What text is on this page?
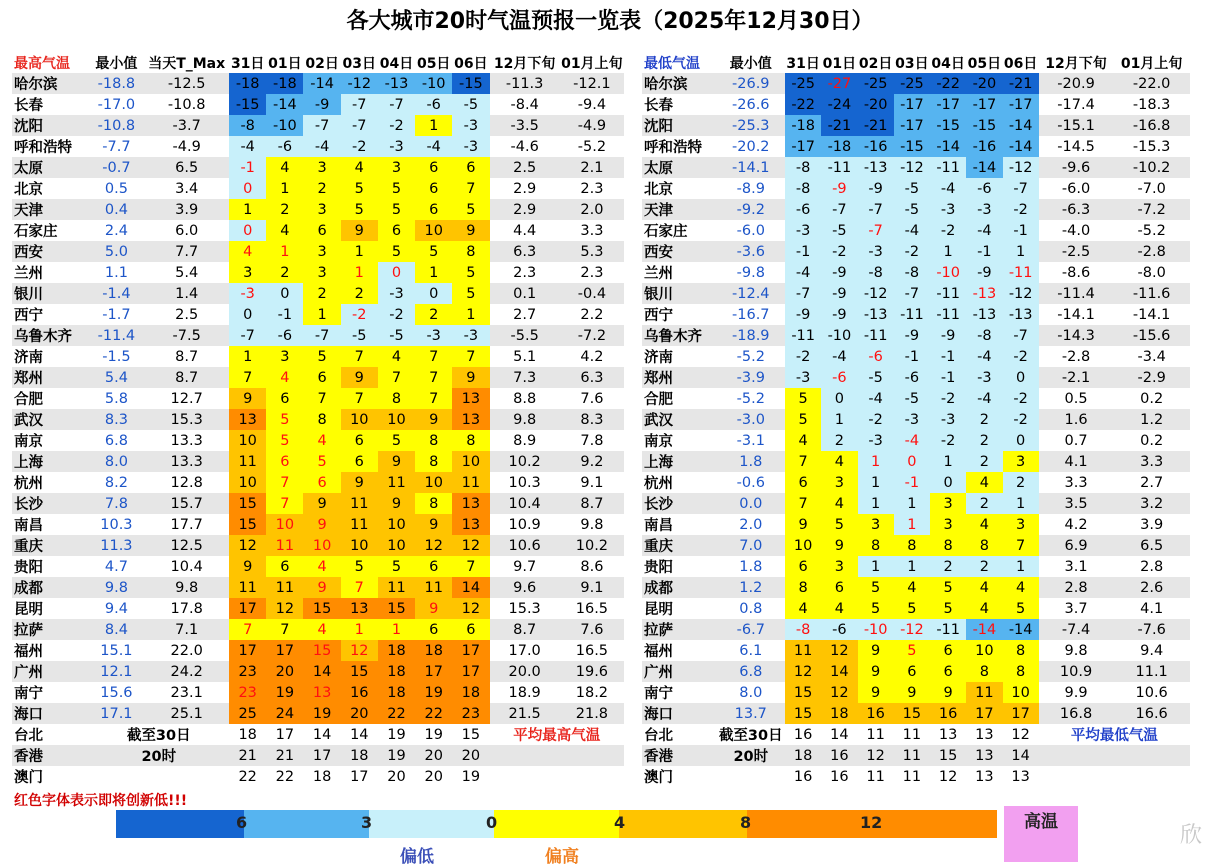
各大城市20时气温预报一览表（2025年12月30日）
最高气温	最小值	当天T_Max	31日	01日	02日	03日	04日	05日	06日	12月下旬	01月上旬
哈尔滨	-18.8	-12.5	-18	-18	-14	-12	-13	-10	-15	-11.3	-12.1
长春	-17.0	-10.8	-15	-14	-9	-7	-7	-6	-5	-8.4	-9.4
沈阳	-10.8	-3.7	-8	-10	-7	-7	-2	1	-3	-3.5	-4.9
呼和浩特	-7.7	-4.9	-4	-6	-4	-2	-3	-4	-3	-4.6	-5.2
太原	-0.7	6.5	-1	4	3	4	3	6	6	2.5	2.1
北京	0.5	3.4	0	1	2	5	5	6	7	2.9	2.3
天津	0.4	3.9	1	2	3	5	5	6	5	2.9	2.0
石家庄	2.4	6.0	0	4	6	9	6	10	9	4.4	3.3
西安	5.0	7.7	4	1	3	1	5	5	8	6.3	5.3
兰州	1.1	5.4	3	2	3	1	0	1	5	2.3	2.3
银川	-1.4	1.4	-3	0	2	2	-3	0	5	0.1	-0.4
西宁	-1.7	2.5	0	-1	1	-2	-2	2	1	2.7	2.2
乌鲁木齐	-11.4	-7.5	-7	-6	-7	-5	-5	-3	-3	-5.5	-7.2
济南	-1.5	8.7	1	3	5	7	4	7	7	5.1	4.2
郑州	5.4	8.7	7	4	6	9	7	7	9	7.3	6.3
合肥	5.8	12.7	9	6	7	7	8	7	13	8.8	7.6
武汉	8.3	15.3	13	5	8	10	10	9	13	9.8	8.3
南京	6.8	13.3	10	5	4	6	5	8	8	8.9	7.8
上海	8.0	13.3	11	6	5	6	9	8	10	10.2	9.2
杭州	8.2	12.8	10	7	6	9	11	10	11	10.3	9.1
长沙	7.8	15.7	15	7	9	11	9	8	13	10.4	8.7
南昌	10.3	17.7	15	10	9	11	10	9	13	10.9	9.8
重庆	11.3	12.5	12	11	10	10	10	12	12	10.6	10.2
贵阳	4.7	10.4	9	6	4	5	5	6	7	9.7	8.6
成都	9.8	9.8	11	11	9	7	11	11	14	9.6	9.1
昆明	9.4	17.8	17	12	15	13	15	9	12	15.3	16.5
拉萨	8.4	7.1	7	7	4	1	1	6	6	8.7	7.6
福州	15.1	22.0	17	17	15	12	18	18	17	17.0	16.5
广州	12.1	24.2	23	20	14	15	18	17	17	20.0	19.6
南宁	15.6	23.1	23	19	13	16	18	19	18	18.9	18.2
海口	17.1	25.1	25	24	19	20	22	22	23	21.5	21.8
台北	截至30日		18	17	14	14	19	19	15	平均最高气温	
香港	20时		21	21	17	18	19	20	20		
澳门			22	22	18	17	20	20	19		
最低气温	最小值	31日	01日	02日	03日	04日	05日	06日	12月下旬	01月上旬
哈尔滨	-26.9	-25	-27	-25	-25	-22	-20	-21	-20.9	-22.0
长春	-26.6	-22	-24	-20	-17	-17	-17	-17	-17.4	-18.3
沈阳	-25.3	-18	-21	-21	-17	-15	-15	-14	-15.1	-16.8
呼和浩特	-20.2	-17	-18	-16	-15	-14	-16	-14	-14.5	-15.3
太原	-14.1	-8	-11	-13	-12	-11	-14	-12	-9.6	-10.2
北京	-8.9	-8	-9	-9	-5	-4	-6	-7	-6.0	-7.0
天津	-9.2	-6	-7	-7	-5	-3	-3	-2	-6.3	-7.2
石家庄	-6.0	-3	-5	-7	-4	-2	-4	-1	-4.0	-5.2
西安	-3.6	-1	-2	-3	-2	1	-1	1	-2.5	-2.8
兰州	-9.8	-4	-9	-8	-8	-10	-9	-11	-8.6	-8.0
银川	-12.4	-7	-9	-12	-7	-11	-13	-12	-11.4	-11.6
西宁	-16.7	-9	-9	-13	-11	-11	-13	-13	-14.1	-14.1
乌鲁木齐	-18.9	-11	-10	-11	-9	-9	-8	-7	-14.3	-15.6
济南	-5.2	-2	-4	-6	-1	-1	-4	-2	-2.8	-3.4
郑州	-3.9	-3	-6	-5	-6	-1	-3	0	-2.1	-2.9
合肥	-5.2	5	0	-4	-5	-2	-4	-2	0.5	0.2
武汉	-3.0	5	1	-2	-3	-3	2	-2	1.6	1.2
南京	-3.1	4	2	-3	-4	-2	2	0	0.7	0.2
上海	1.8	7	4	1	0	1	2	3	4.1	3.3
杭州	-0.6	6	3	1	-1	0	4	2	3.3	2.7
长沙	0.0	7	4	1	1	3	2	1	3.5	3.2
南昌	2.0	9	5	3	1	3	4	3	4.2	3.9
重庆	7.0	10	9	8	8	8	8	7	6.9	6.5
贵阳	1.8	6	3	1	1	2	2	1	3.1	2.8
成都	1.2	8	6	5	4	5	4	4	2.8	2.6
昆明	0.8	4	4	5	5	5	4	5	3.7	4.1
拉萨	-6.7	-8	-6	-10	-12	-11	-14	-14	-7.4	-7.6
福州	6.1	11	12	9	5	6	10	8	9.8	9.4
广州	6.8	12	14	9	6	6	8	8	10.9	11.1
南宁	8.0	15	12	9	9	9	11	10	9.9	10.6
海口	13.7	15	18	16	15	16	17	17	16.8	16.6
台北	截至30日	16	14	11	11	13	13	12	平均最低气温	
香港	20时	18	16	12	11	15	13	14		
澳门		16	16	11	11	12	13	13		
红色字体表示即将创新低!!!
6	3	0	4	8	12
偏低	偏高
高温
欣
